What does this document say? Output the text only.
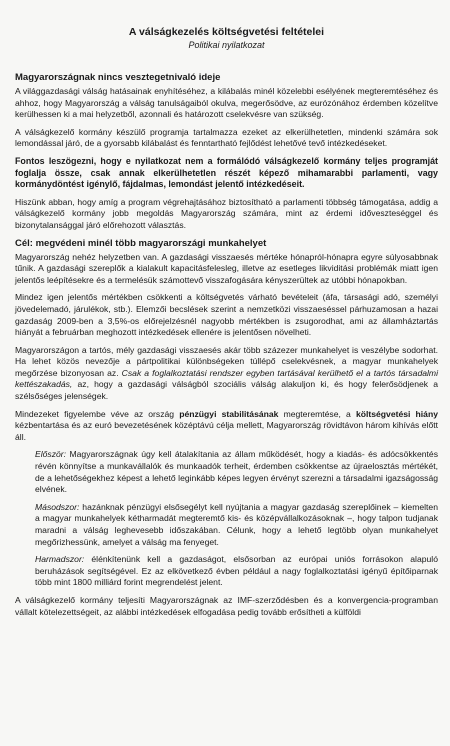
A válságkezelés költségvetési feltételei
Politikai nyilatkozat
Magyarországnak nincs vesztegetnivaló ideje

A világgazdasági válság hatásainak enyhítéséhez, a kilábalás minél közelebbi esélyének megteremtéséhez és ahhoz, hogy Magyarország a válság tanulságaiból okulva, megerősödve, az eurózónához érdemben közelítve kerülhessen ki a mai helyzetből, azonnali és határozott cselekvésre van szükség.

A válságkezelő kormány készülő programja tartalmazza ezeket az elkerülhetetlen, mindenki számára sok lemondással járó, de a gyorsabb kilábalást és fenntartható fejlődést lehetővé tevő intézkedéseket.

Fontos leszögezni, hogy e nyilatkozat nem a formálódó válságkezelő kormány teljes programját foglalja össze, csak annak elkerülhetetlen részét képező mihamarabbi parlamenti, vagy kormánydöntést igénylő, fájdalmas, lemondást jelentő intézkedéseit.

Hiszünk abban, hogy amíg a program végrehajtásához biztosítható a parlamenti többség támogatása, addig a válságkezelő kormány jobb megoldás Magyarország számára, mint az érdemi időveszteséggel és bizonytalansággal járó előrehozott választás.

Cél: megvédeni minél több magyarországi munkahelyet

Magyarország nehéz helyzetben van. A gazdasági visszaesés mértéke hónapról-hónapra egyre súlyosabbnak tűnik. A gazdasági szereplők a kialakult kapacitásfelesleg, illetve az esetleges likviditási problémák miatt igen jelentős leépítésekre és a termelésük számottevő visszafogására kényszerültek az utóbbi hónapokban.

Mindez igen jelentős mértékben csökkenti a költségvetés várható bevételeit (áfa, társasági adó, személyi jövedelemadó, járulékok, stb.). Elemzői becslések szerint a nemzetközi visszaeséssel párhuzamosan a hazai gazdaság 2009-ben a 3,5%-os előrejelzésnél nagyobb mértékben is zsugorodhat, ami az államháztartás hiányát a februárban meghozott intézkedések ellenére is jelentősen növelheti.

Magyarországon a tartós, mély gazdasági visszaesés akár több százezer munkahelyet is veszélybe sodorhat. Ha lehet közös nevezője a pártpolitikai különbségeken túllépő cselekvésnek, a magyar munkahelyek megőrzése bizonyosan az. Csak a foglalkoztatási rendszer egyben tartásával kerülhető el a tartós társadalmi kettészakadás, az, hogy a gazdasági válságból szociális válság alakuljon ki, és hogy felerősödjenek a szélsőséges jelenségek.

Mindezeket figyelembe véve az ország pénzügyi stabilitásának megteremtése, a költségvetési hiány kézbentartása és az euró bevezetésének középtávú célja mellett, Magyarország rövidtávon három kihívás előtt áll.

Először: Magyarországnak úgy kell átalakítania az állam működését, hogy a kiadás- és adócsökkentés révén könnyítse a munkavállalók és munkaadók terheit, érdemben csökkentse az újraelosztás mértékét, de a lehetőségekhez képest a lehető leginkább képes legyen érvényt szerezni a társadalmi igazságosság elvének.

Másodszor: hazánknak pénzügyi elsősegélyt kell nyújtania a magyar gazdaság szereplőinek – kiemelten a magyar munkahelyek kétharmadát megteremtő kis- és középvállalkozásoknak –, hogy talpon tudjanak maradni a válság leghevesebb időszakában. Célunk, hogy a lehető legtöbb olyan munkahelyet megőrizhessünk, amelyet a válság ma fenyeget.

Harmadszor: élénkítenünk kell a gazdaságot, elsősorban az európai uniós forrásokon alapuló beruházások segítségével. Ez az elkövetkező évben például a nagy foglalkoztatási igényű építőiparnak több mint 1800 milliárd forint megrendelést jelent.

A válságkezelő kormány teljesíti Magyarországnak az IMF-szerződésben és a konvergencia-programban vállalt kötelezettségeit, az alábbi intézkedések elfogadása pedig tovább erősítheti a külföldi
